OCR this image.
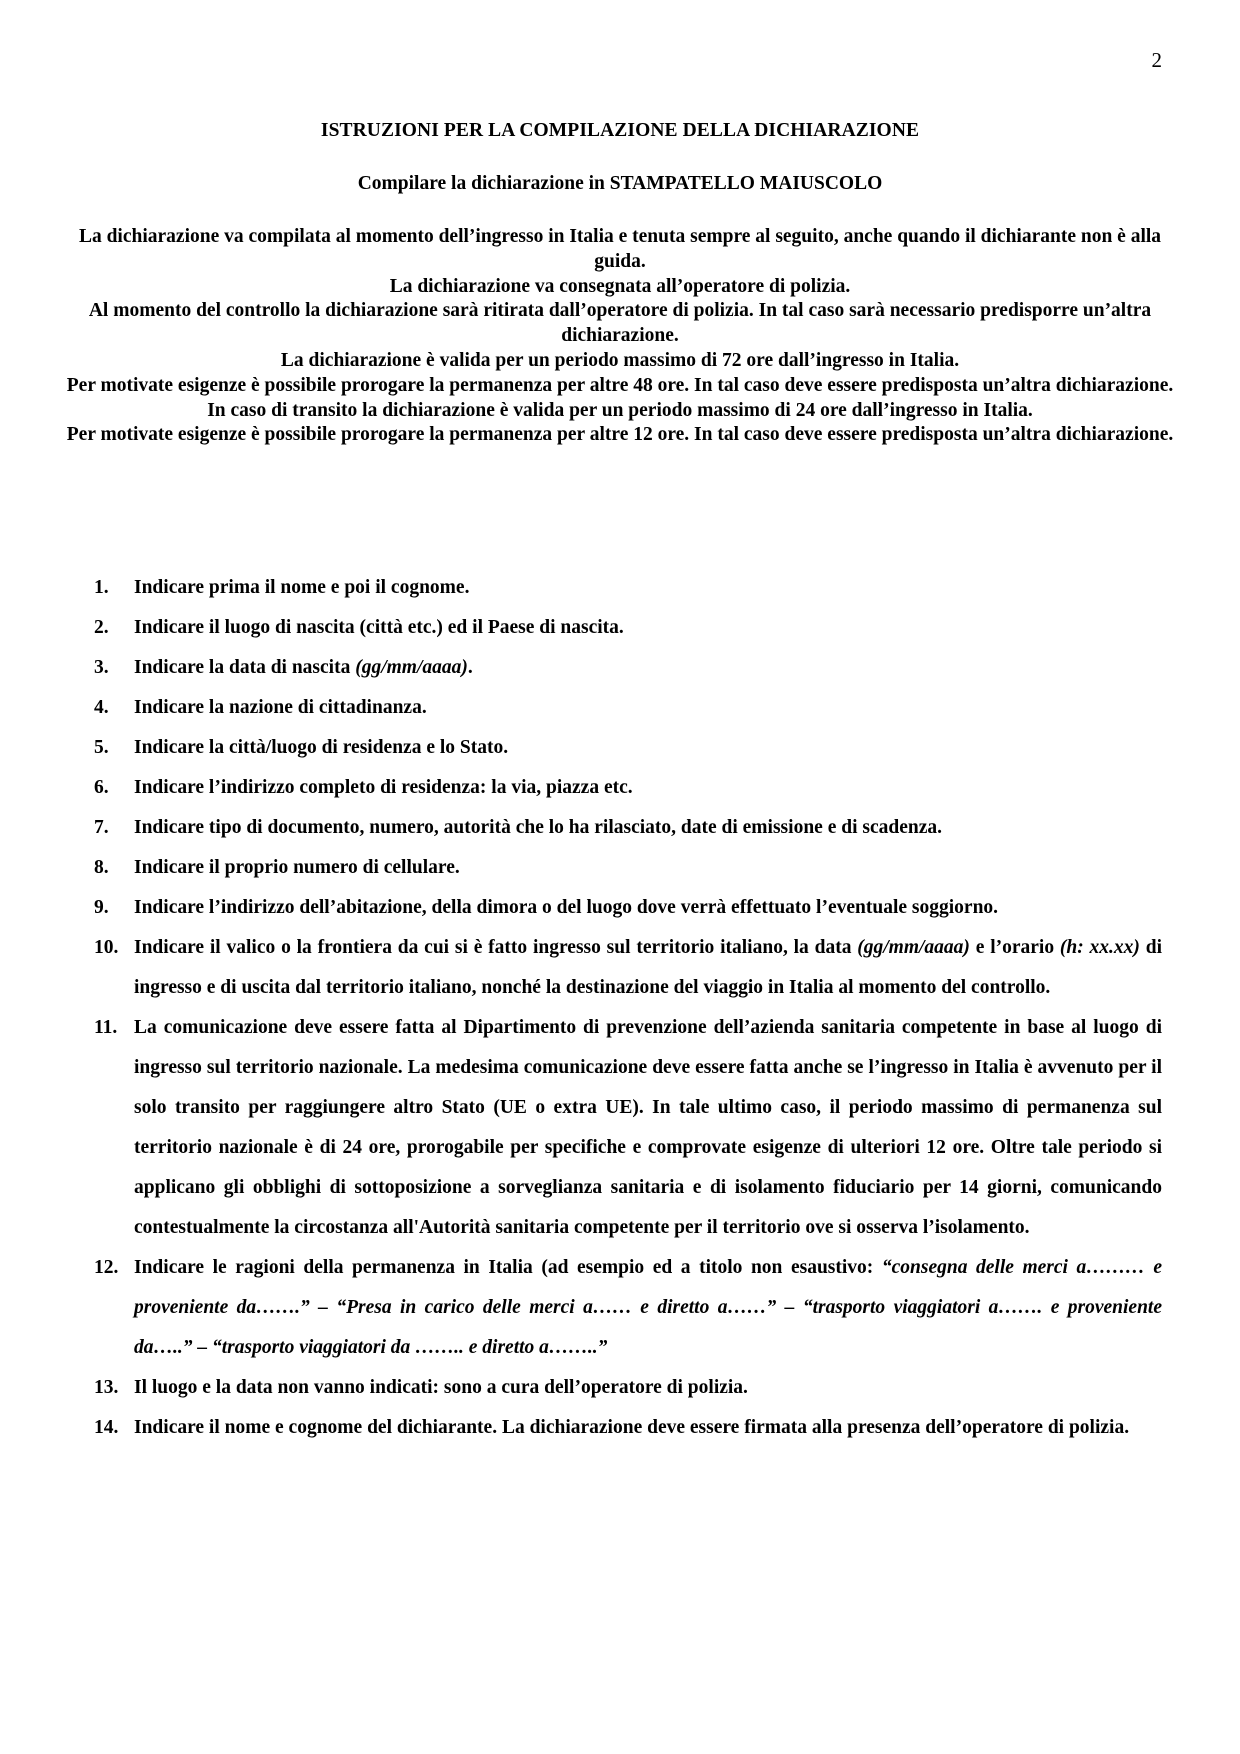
2
ISTRUZIONI PER LA COMPILAZIONE DELLA DICHIARAZIONE
Compilare la dichiarazione in STAMPATELLO MAIUSCOLO

La dichiarazione va compilata al momento dell’ingresso in Italia e tenuta sempre al seguito, anche quando il dichiarante non è alla guida.

La dichiarazione va consegnata all’operatore di polizia.

Al momento del controllo la dichiarazione sarà ritirata dall’operatore di polizia. In tal caso sarà necessario predisporre un’altra dichiarazione.

La dichiarazione è valida per un periodo massimo di 72 ore dall’ingresso in Italia.

Per motivate esigenze è possibile prorogare la permanenza per altre 48 ore. In tal caso deve essere predisposta un’altra dichiarazione.

In caso di transito la dichiarazione è valida per un periodo massimo di 24 ore dall’ingresso in Italia.

Per motivate esigenze è possibile prorogare la permanenza per altre 12 ore. In tal caso deve essere predisposta un’altra dichiarazione.

1.	Indicare prima il nome e poi il cognome.
2.	Indicare il luogo di nascita (città etc.) ed il Paese di nascita.
3.	Indicare la data di nascita (gg/mm/aaaa).
4.	Indicare la nazione di cittadinanza.
5.	Indicare la città/luogo di residenza e lo Stato.
6.	Indicare l’indirizzo completo di residenza: la via, piazza etc.
7.	Indicare tipo di documento, numero, autorità che lo ha rilasciato, date di emissione e di scadenza.
8.	Indicare il proprio numero di cellulare.
9.	Indicare l’indirizzo dell’abitazione, della dimora o del luogo dove verrà effettuato l’eventuale soggiorno.
10. Indicare il valico o la frontiera da cui si è fatto ingresso sul territorio italiano, la data (gg/mm/aaaa) e l’orario (h: xx.xx) di ingresso e di uscita dal territorio italiano, nonché la destinazione del viaggio in Italia al momento del controllo.
11. La comunicazione deve essere fatta al Dipartimento di prevenzione dell’azienda sanitaria competente in base al luogo di ingresso sul territorio nazionale. La medesima comunicazione deve essere fatta anche se l’ingresso in Italia è avvenuto per il solo transito per raggiungere altro Stato (UE o extra UE). In tale ultimo caso, il periodo massimo di permanenza sul territorio nazionale è di 24 ore, prorogabile per specifiche e comprovate esigenze di ulteriori 12 ore. Oltre tale periodo si applicano gli obblighi di sottoposizione a sorveglianza sanitaria e di isolamento fiduciario per 14 giorni, comunicando contestualmente la circostanza all'Autorità sanitaria competente per il territorio ove si osserva l’isolamento.
12. Indicare le ragioni della permanenza in Italia (ad esempio ed a titolo non esaustivo: “consegna delle merci a……… e proveniente da…….” – “Presa in carico delle merci a…… e diretto a……” – “trasporto viaggiatori a……. e proveniente da…..” – “trasporto viaggiatori da …….. e diretto a……..”
13. Il luogo e la data non vanno indicati: sono a cura dell’operatore di polizia.
14. Indicare il nome e cognome del dichiarante. La dichiarazione deve essere firmata alla presenza dell’operatore di polizia.
